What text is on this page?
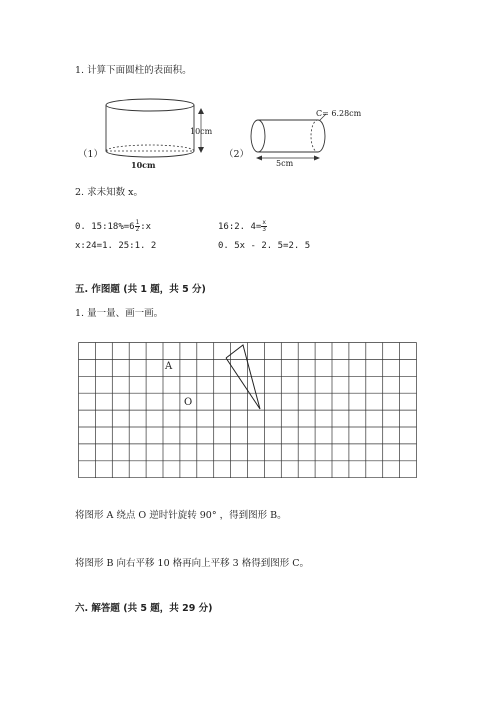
1. 计算下面圆柱的表面积。
（1）
10cm
10cm
（2）
C= 6.28cm
5cm
2. 求未知数 x。
0. 15:18%=6 $\frac{1}{2}$ :x	16:2. $4= \frac{x}{3}$
x:24=1. 25:1. 2	0. 5x - 2. 5=2. 5
五. 作图题 (共 1 题，共 5 分)
1. 量一量、画一画。
A
O
将图形 A 绕点 O 逆时针旋转 90° ，得到图形 B。
将图形 B 向右平移 10 格再向上平移 3 格得到图形 C。
六. 解答题 (共 5 题，共 29 分)
